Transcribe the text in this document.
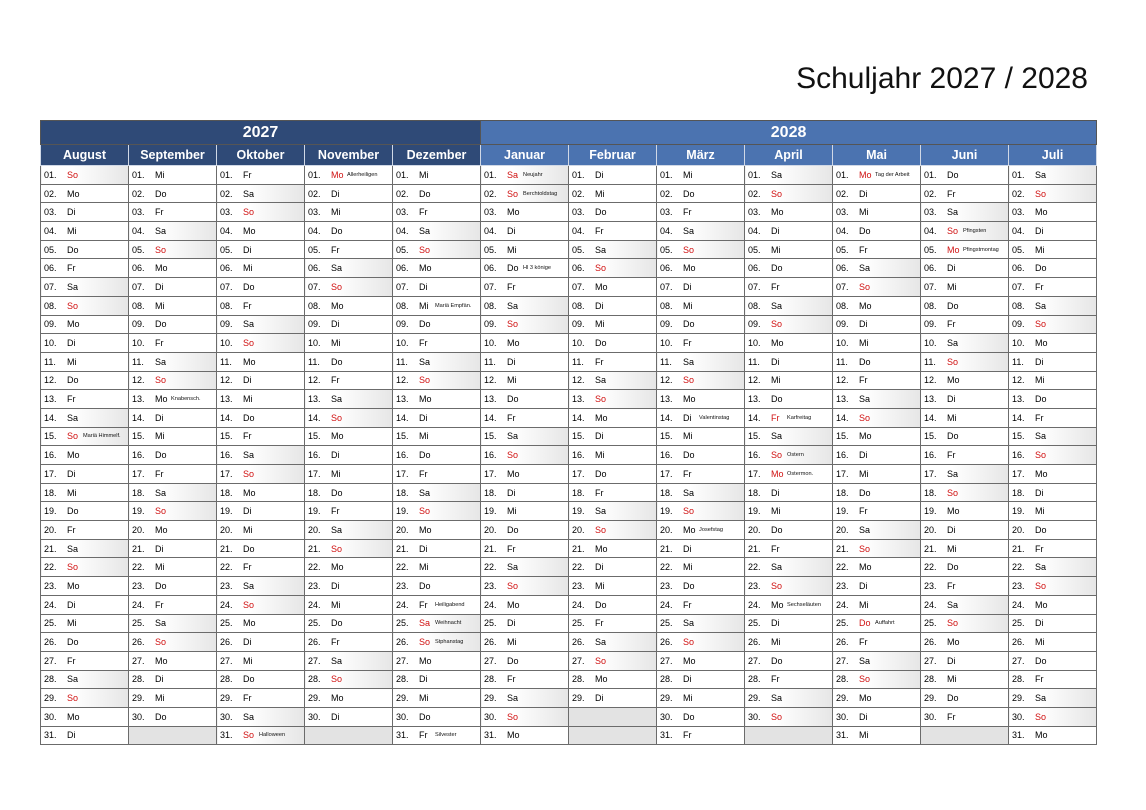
Schuljahr 2027 / 2028
2027					2028						
August	September	Oktober	November	Dezember	Januar	Februar	März	April	Mai	Juni	Juli
01. So	01. Mi	01. Fr	01. Mo $^{Allerheiligen}$	01. Mi	01. Sa $^{Neujahr}$	01. Di	01. Mi	01. Sa	01. Mo $^{Tag der Arbeit}$	01. Do	01. Sa
02. Mo	02. Do	02. Sa	02. Di	02. Do	02. So $^{Berchtoldstag}$	02. Mi	02. Do	02. So	02. Di	02. Fr	02. So
03. Di	03. Fr	03. So	03. Mi	03. Fr	03. Mo	03. Do	03. Fr	03. Mo	03. Mi	03. Sa	03. Mo
04. Mi	04. Sa	04. Mo	04. Do	04. Sa	04. Di	04. Fr	04. Sa	04. Di	04. Do	04. So $^{Pfingsten}$	04. Di
05. Do	05. So	05. Di	05. Fr	05. So	05. Mi	05. Sa	05. So	05. Mi	05. Fr	05. Mo $^{Pfingstmontag}$	05. Mi
06. Fr	06. Mo	06. Mi	06. Sa	06. Mo	06. Do $^{Hl 3 könige}$	06. So	06. Mo	06. Do	06. Sa	06. Di	06. Do
07. Sa	07. Di	07. Do	07. So	07. Di	07. Fr	07. Mo	07. Di	07. Fr	07. So	07. Mi	07. Fr
08. So	08. Mi	08. Fr	08. Mo	08. Mi $^{Mariä Empfän.}$	08. Sa	08. Di	08. Mi	08. Sa	08. Mo	08. Do	08. Sa
09. Mo	09. Do	09. Sa	09. Di	09. Do	09. So	09. Mi	09. Do	09. So	09. Di	09. Fr	09. So
10. Di	10. Fr	10. So	10. Mi	10. Fr	10. Mo	10. Do	10. Fr	10. Mo	10. Mi	10. Sa	10. Mo
11. Mi	11. Sa	11. Mo	11. Do	11. Sa	11. Di	11. Fr	11. Sa	11. Di	11. Do	11. So	11. Di
12. Do	12. So	12. Di	12. Fr	12. So	12. Mi	12. Sa	12. So	12. Mi	12. Fr	12. Mo	12. Mi
13. Fr	13. Mo $^{Knabensch.}$	13. Mi	13. Sa	13. Mo	13. Do	13. So	13. Mo	13. Do	13. Sa	13. Di	13. Do
14. Sa	14. Di	14. Do	14. So	14. Di	14. Fr	14. Mo	14. Di $^{Valentinstag}$	14. Fr $^{Karfreitag}$	14. So	14. Mi	14. Fr
15. So $^{Mariä Himmelf.}$	15. Mi	15. Fr	15. Mo	15. Mi	15. Sa	15. Di	15. Mi	15. Sa	15. Mo	15. Do	15. Sa
16. Mo	16. Do	16. Sa	16. Di	16. Do	16. So	16. Mi	16. Do	16. So $^{Ostern}$	16. Di	16. Fr	16. So
17. Di	17. Fr	17. So	17. Mi	17. Fr	17. Mo	17. Do	17. Fr	17. Mo $^{Ostermon.}$	17. Mi	17. Sa	17. Mo
18. Mi	18. Sa	18. Mo	18. Do	18. Sa	18. Di	18. Fr	18. Sa	18. Di	18. Do	18. So	18. Di
19. Do	19. So	19. Di	19. Fr	19. So	19. Mi	19. Sa	19. So	19. Mi	19. Fr	19. Mo	19. Mi
20. Fr	20. Mo	20. Mi	20. Sa	20. Mo	20. Do	20. So	20. Mo $^{Josefstag}$	20. Do	20. Sa	20. Di	20. Do
21. Sa	21. Di	21. Do	21. So	21. Di	21. Fr	21. Mo	21. Di	21. Fr	21. So	21. Mi	21. Fr
22. So	22. Mi	22. Fr	22. Mo	22. Mi	22. Sa	22. Di	22. Mi	22. Sa	22. Mo	22. Do	22. Sa
23. Mo	23. Do	23. Sa	23. Di	23. Do	23. So	23. Mi	23. Do	23. So	23. Di	23. Fr	23. So
24. Di	24. Fr	24. So	24. Mi	24. Fr $^{Heiligabend}$	24. Mo	24. Do	24. Fr	24. Mo $^{Sechseläuten}$	24. Mi	24. Sa	24. Mo
25. Mi	25. Sa	25. Mo	25. Do	25. Sa $^{Weihnacht}$	25. Di	25. Fr	25. Sa	25. Di	25. Do $^{Auffahrt}$	25. So	25. Di
26. Do	26. So	26. Di	26. Fr	26. So $^{Stphanstag}$	26. Mi	26. Sa	26. So	26. Mi	26. Fr	26. Mo	26. Mi
27. Fr	27. Mo	27. Mi	27. Sa	27. Mo	27. Do	27. So	27. Mo	27. Do	27. Sa	27. Di	27. Do
28. Sa	28. Di	28. Do	28. So	28. Di	28. Fr	28. Mo	28. Di	28. Fr	28. So	28. Mi	28. Fr
29. So	29. Mi	29. Fr	29. Mo	29. Mi	29. Sa	29. Di	29. Mi	29. Sa	29. Mo	29. Do	29. Sa
30. Mo	30. Do	30. Sa	30. Di	30. Do	30. So		30. Do	30. So	30. Di	30. Fr	30. So
31. Di		31. So $^{Halloween}$		31. Fr $^{Silvester}$	31. Mo		31. Fr		31. Mi		31. Mo
